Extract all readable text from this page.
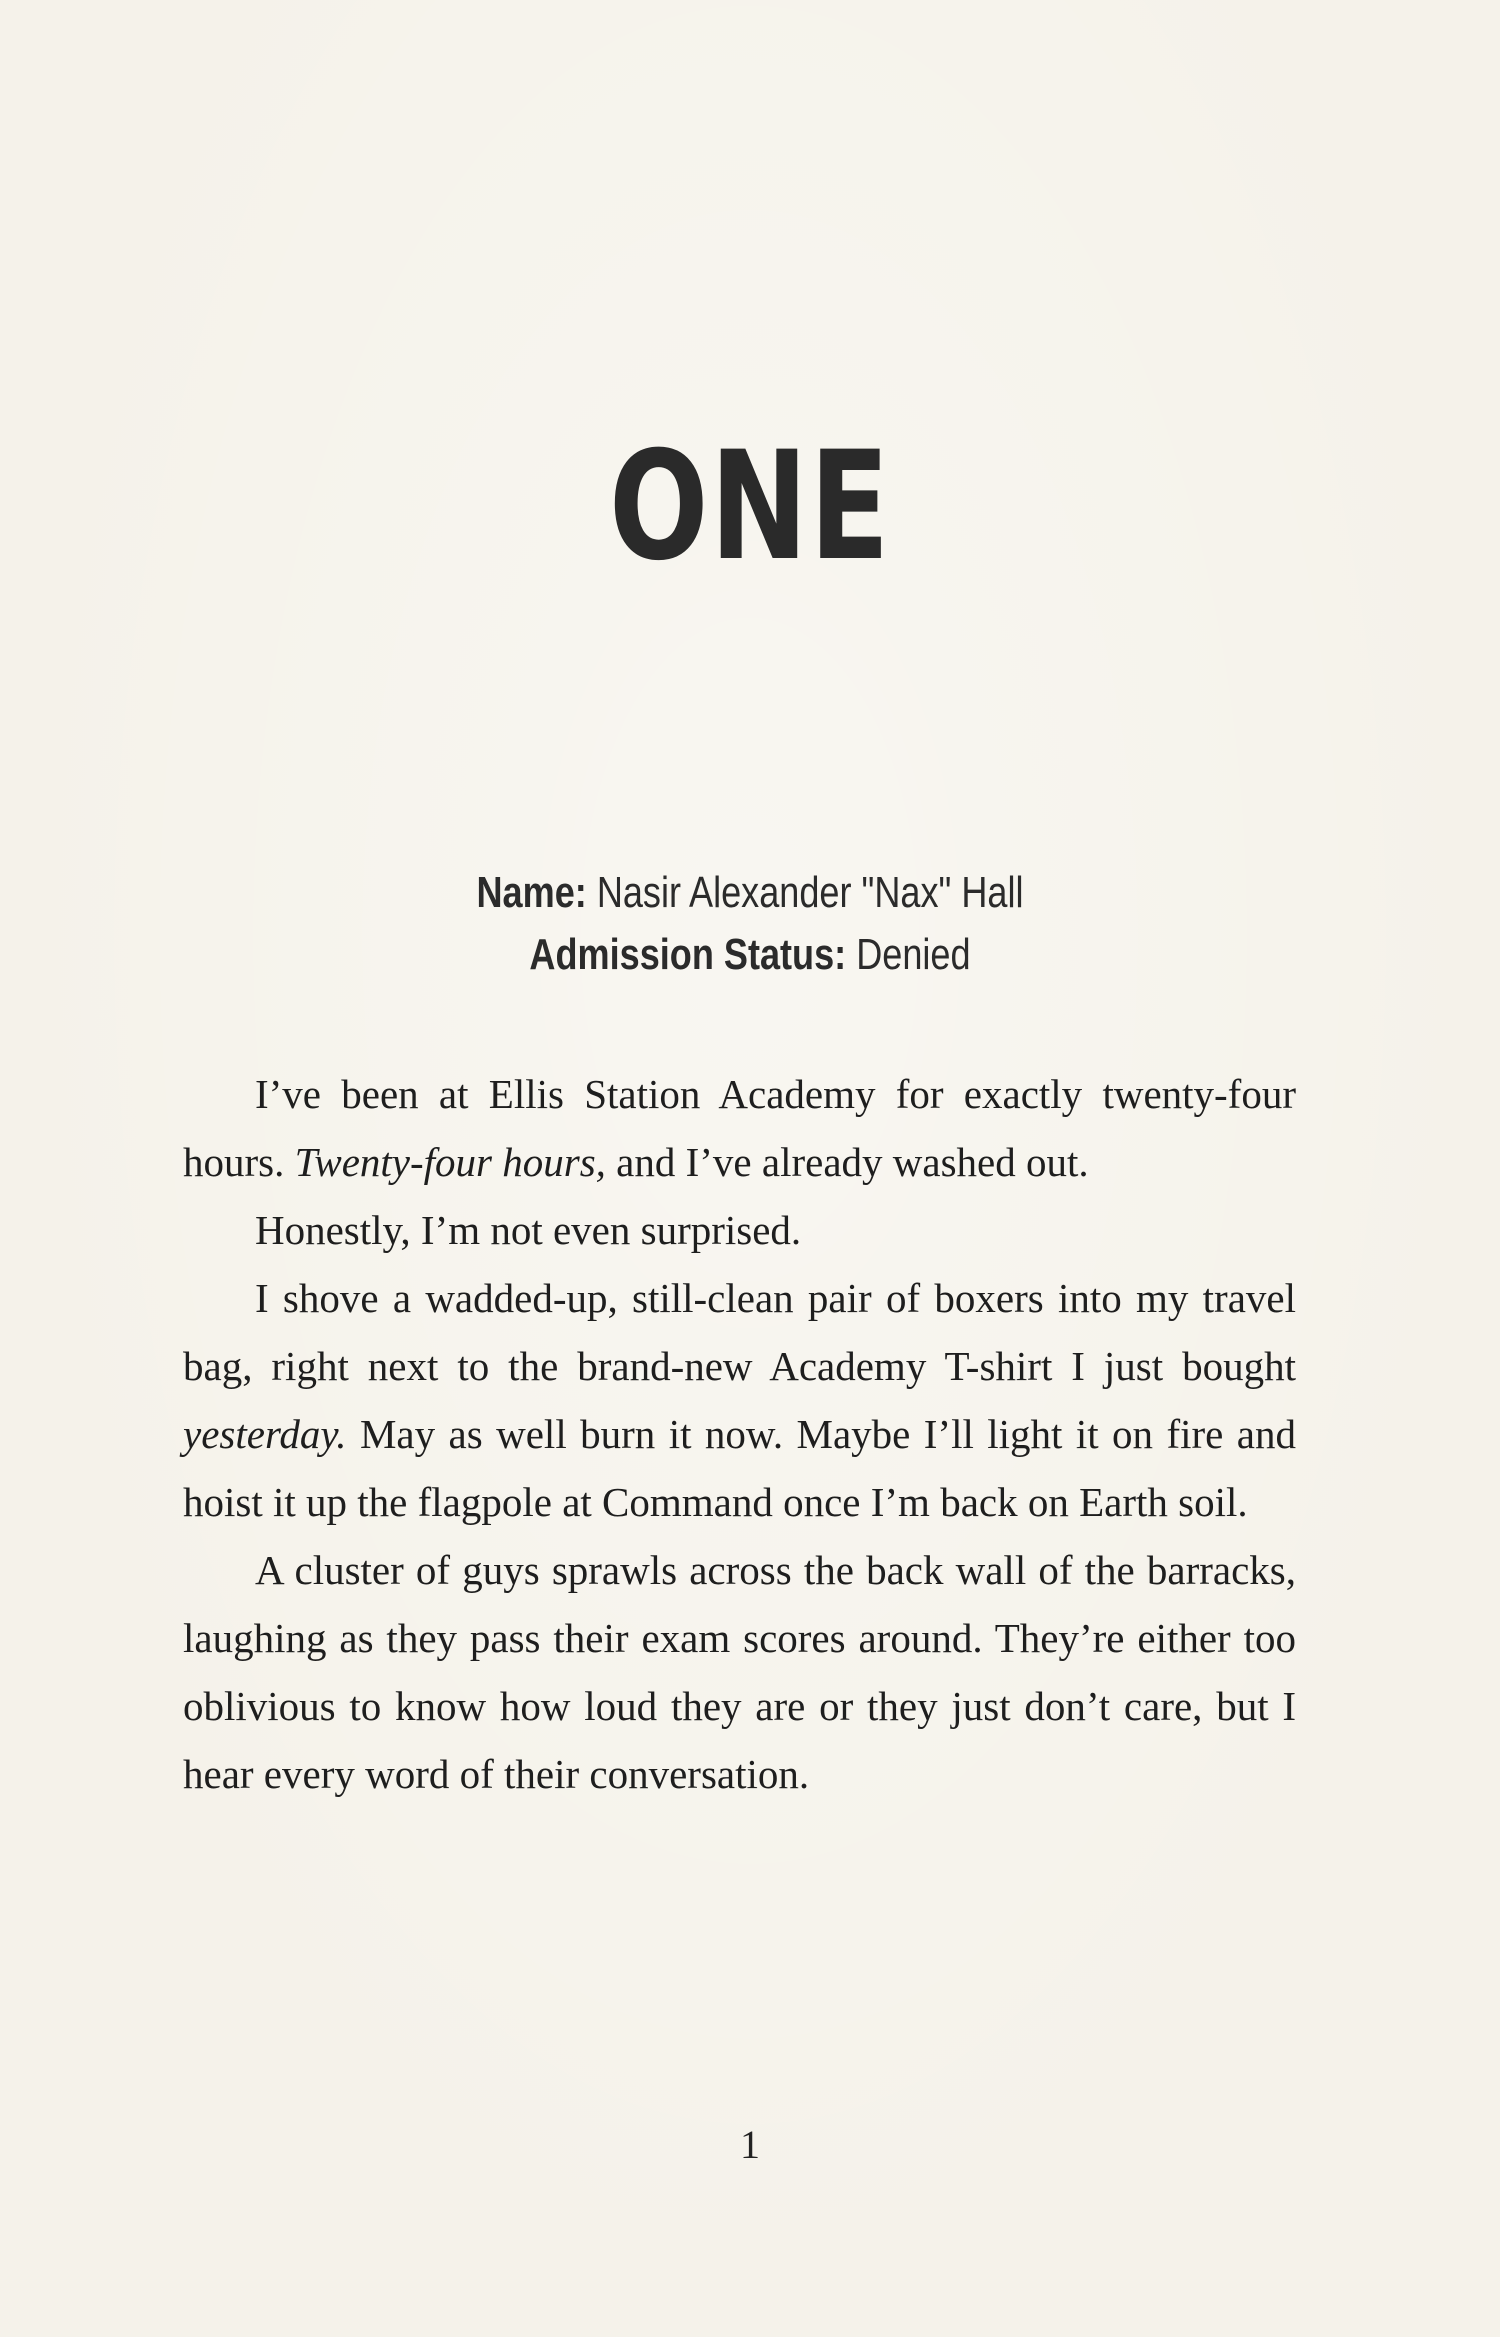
ONE
Name: Nasir Alexander "Nax" Hall
Admission Status: Denied

I’ve been at Ellis Station Academy for exactly twenty-four hours. Twenty-four hours, and I’ve already washed out.

Honestly, I’m not even surprised.

I shove a wadded-up, still-clean pair of boxers into my travel bag, right next to the brand-new Academy T-shirt I just bought yesterday. May as well burn it now. Maybe I’ll light it on fire and hoist it up the flagpole at Command once I’m back on Earth soil.

A cluster of guys sprawls across the back wall of the barracks, laughing as they pass their exam scores around. They’re either too oblivious to know how loud they are or they just don’t care, but I hear every word of their conversation.

1
